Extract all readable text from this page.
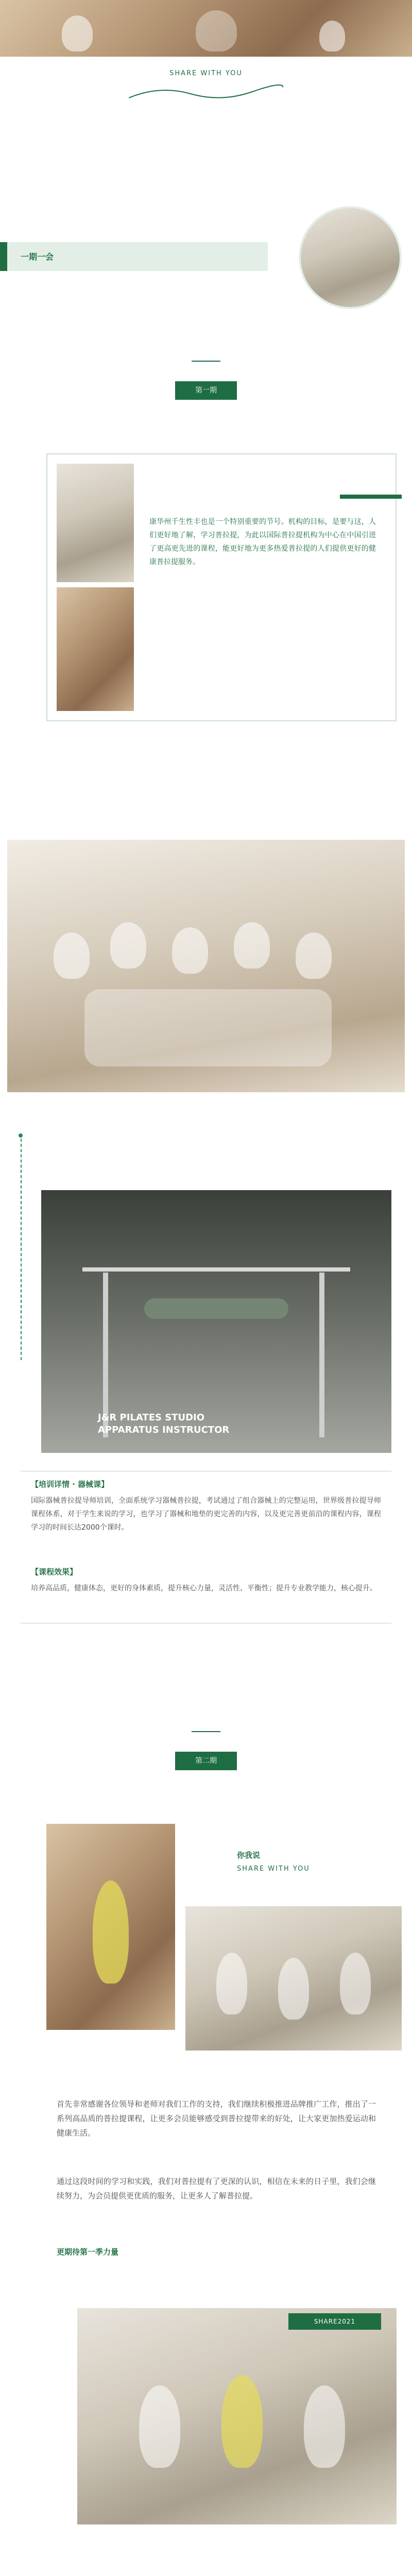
SHARE WITH YOU
一期一会
第一期
康华州千生性丰也是一个特别重要的节号。机构的目标，是要与这，人们更好地了解，学习普拉提，为此以国际普拉提机构为中心在中国引进了更高更先进的课程，能更好地为更多热爱普拉提的人们提供更好的健康普拉提服务。
J&R PILATES STUDIO
APPARATUS INSTRUCTOR
【培训详情 · 器械课】
国际器械普拉提导师培训，全面系统学习器械普拉提，考试通过了组合器械上的完整运用，世界级普拉提导师课程体系，对于学生来说的学习，也学习了器械和地垫的更完善的内容，以及更完善更前沿的课程内容，课程学习的时间长达2000个课时。
【课程效果】
培养高品质，健康体态，更好的身体素质，提升核心力量，灵活性、平衡性；提升专业教学能力，核心提升。
第二期
你我说
SHARE WITH YOU
首先非常感谢各位领导和老师对我们工作的支持，我们继续积极推进品牌推广工作，推出了一系列高品质的普拉提课程，让更多会员能够感受到普拉提带来的好处，让大家更加热爱运动和健康生活。
通过这段时间的学习和实践，我们对普拉提有了更深的认识，相信在未来的日子里，我们会继续努力，为会员提供更优质的服务，让更多人了解普拉提。
更期待第一季力量
SHARE2021
